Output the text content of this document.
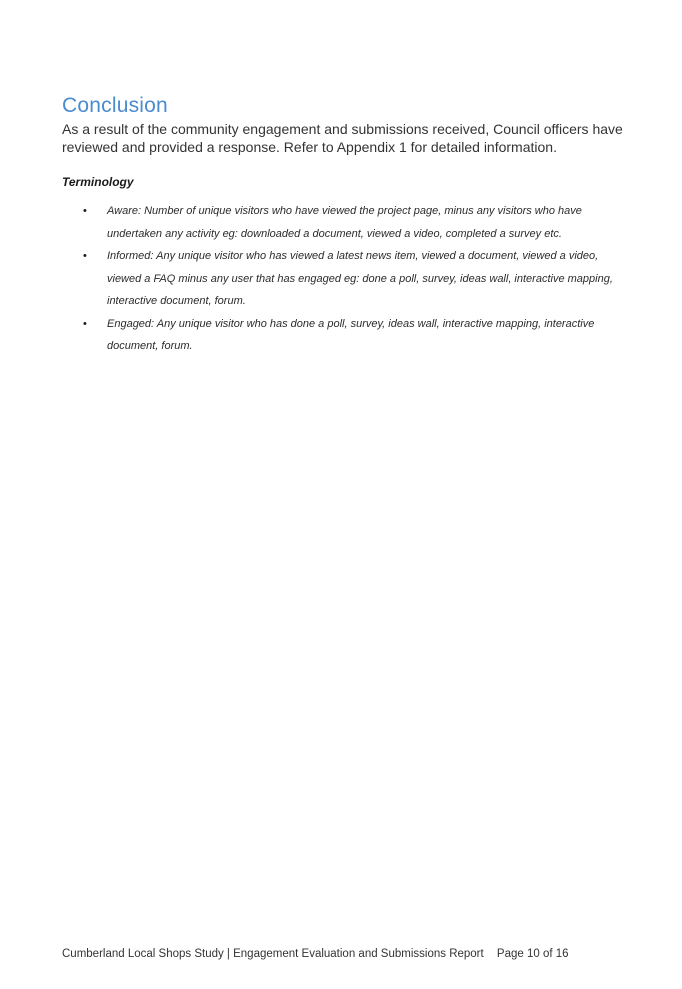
Conclusion

As a result of the community engagement and submissions received, Council officers have reviewed and provided a response. Refer to Appendix 1 for detailed information.

Terminology

• Aware: Number of unique visitors who have viewed the project page, minus any visitors who have undertaken any activity eg: downloaded a document, viewed a video, completed a survey etc.
• Informed: Any unique visitor who has viewed a latest news item, viewed a document, viewed a video, viewed a FAQ minus any user that has engaged eg: done a poll, survey, ideas wall, interactive mapping, interactive document, forum.
• Engaged: Any unique visitor who has done a poll, survey, ideas wall, interactive mapping, interactive document, forum.
Cumberland Local Shops Study | Engagement Evaluation and Submissions Report Page 10 of 16
